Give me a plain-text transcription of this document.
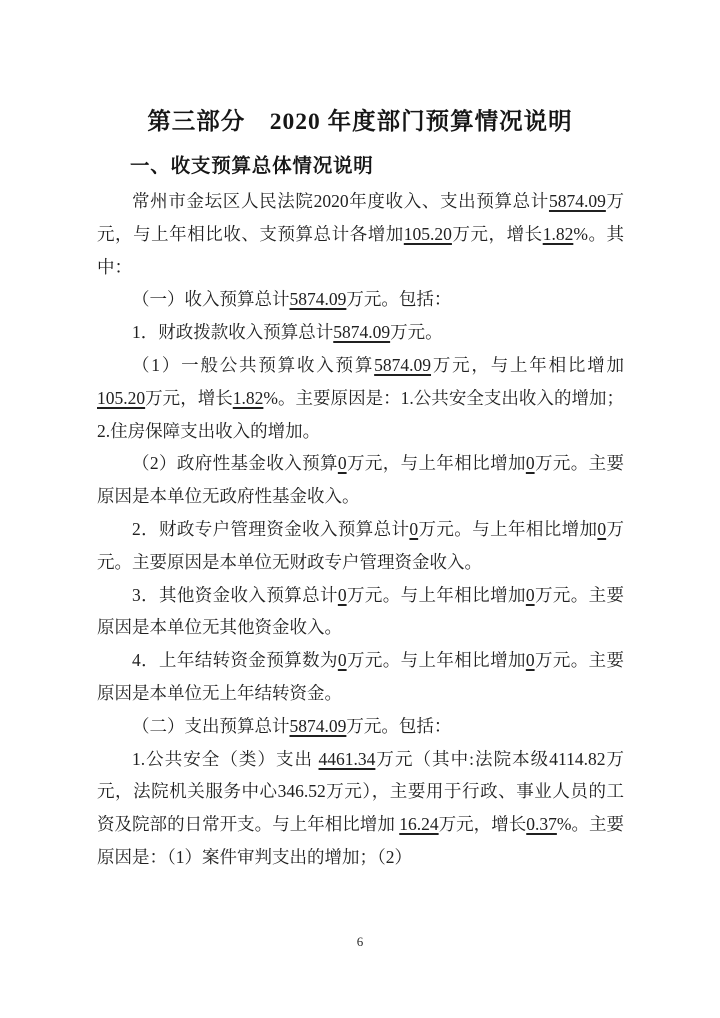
第三部分　2020 年度部门预算情况说明
一、收支预算总体情况说明

常州市金坛区人民法院2020年度收入、支出预算总计5874.09万元，与上年相比收、支预算总计各增加105.20万元，增长1.82%。其中：

（一）收入预算总计5874.09万元。包括：

1．财政拨款收入预算总计5874.09万元。

（1）一般公共预算收入预算5874.09万元，与上年相比增加105.20万元，增长1.82%。主要原因是：1.公共安全支出收入的增加；2.住房保障支出收入的增加。

（2）政府性基金收入预算0万元，与上年相比增加0万元。主要原因是本单位无政府性基金收入。

2．财政专户管理资金收入预算总计0万元。与上年相比增加0万元。主要原因是本单位无财政专户管理资金收入。

3．其他资金收入预算总计0万元。与上年相比增加0万元。主要原因是本单位无其他资金收入。

4．上年结转资金预算数为0万元。与上年相比增加0万元。主要原因是本单位无上年结转资金。

（二）支出预算总计5874.09万元。包括：

1.公共安全（类）支出 4461.34万元（其中:法院本级4114.82万元，法院机关服务中心346.52万元），主要用于行政、事业人员的工资及院部的日常开支。与上年相比增加 16.24万元，增长0.37%。主要原因是：（1）案件审判支出的增加；（2）

6
